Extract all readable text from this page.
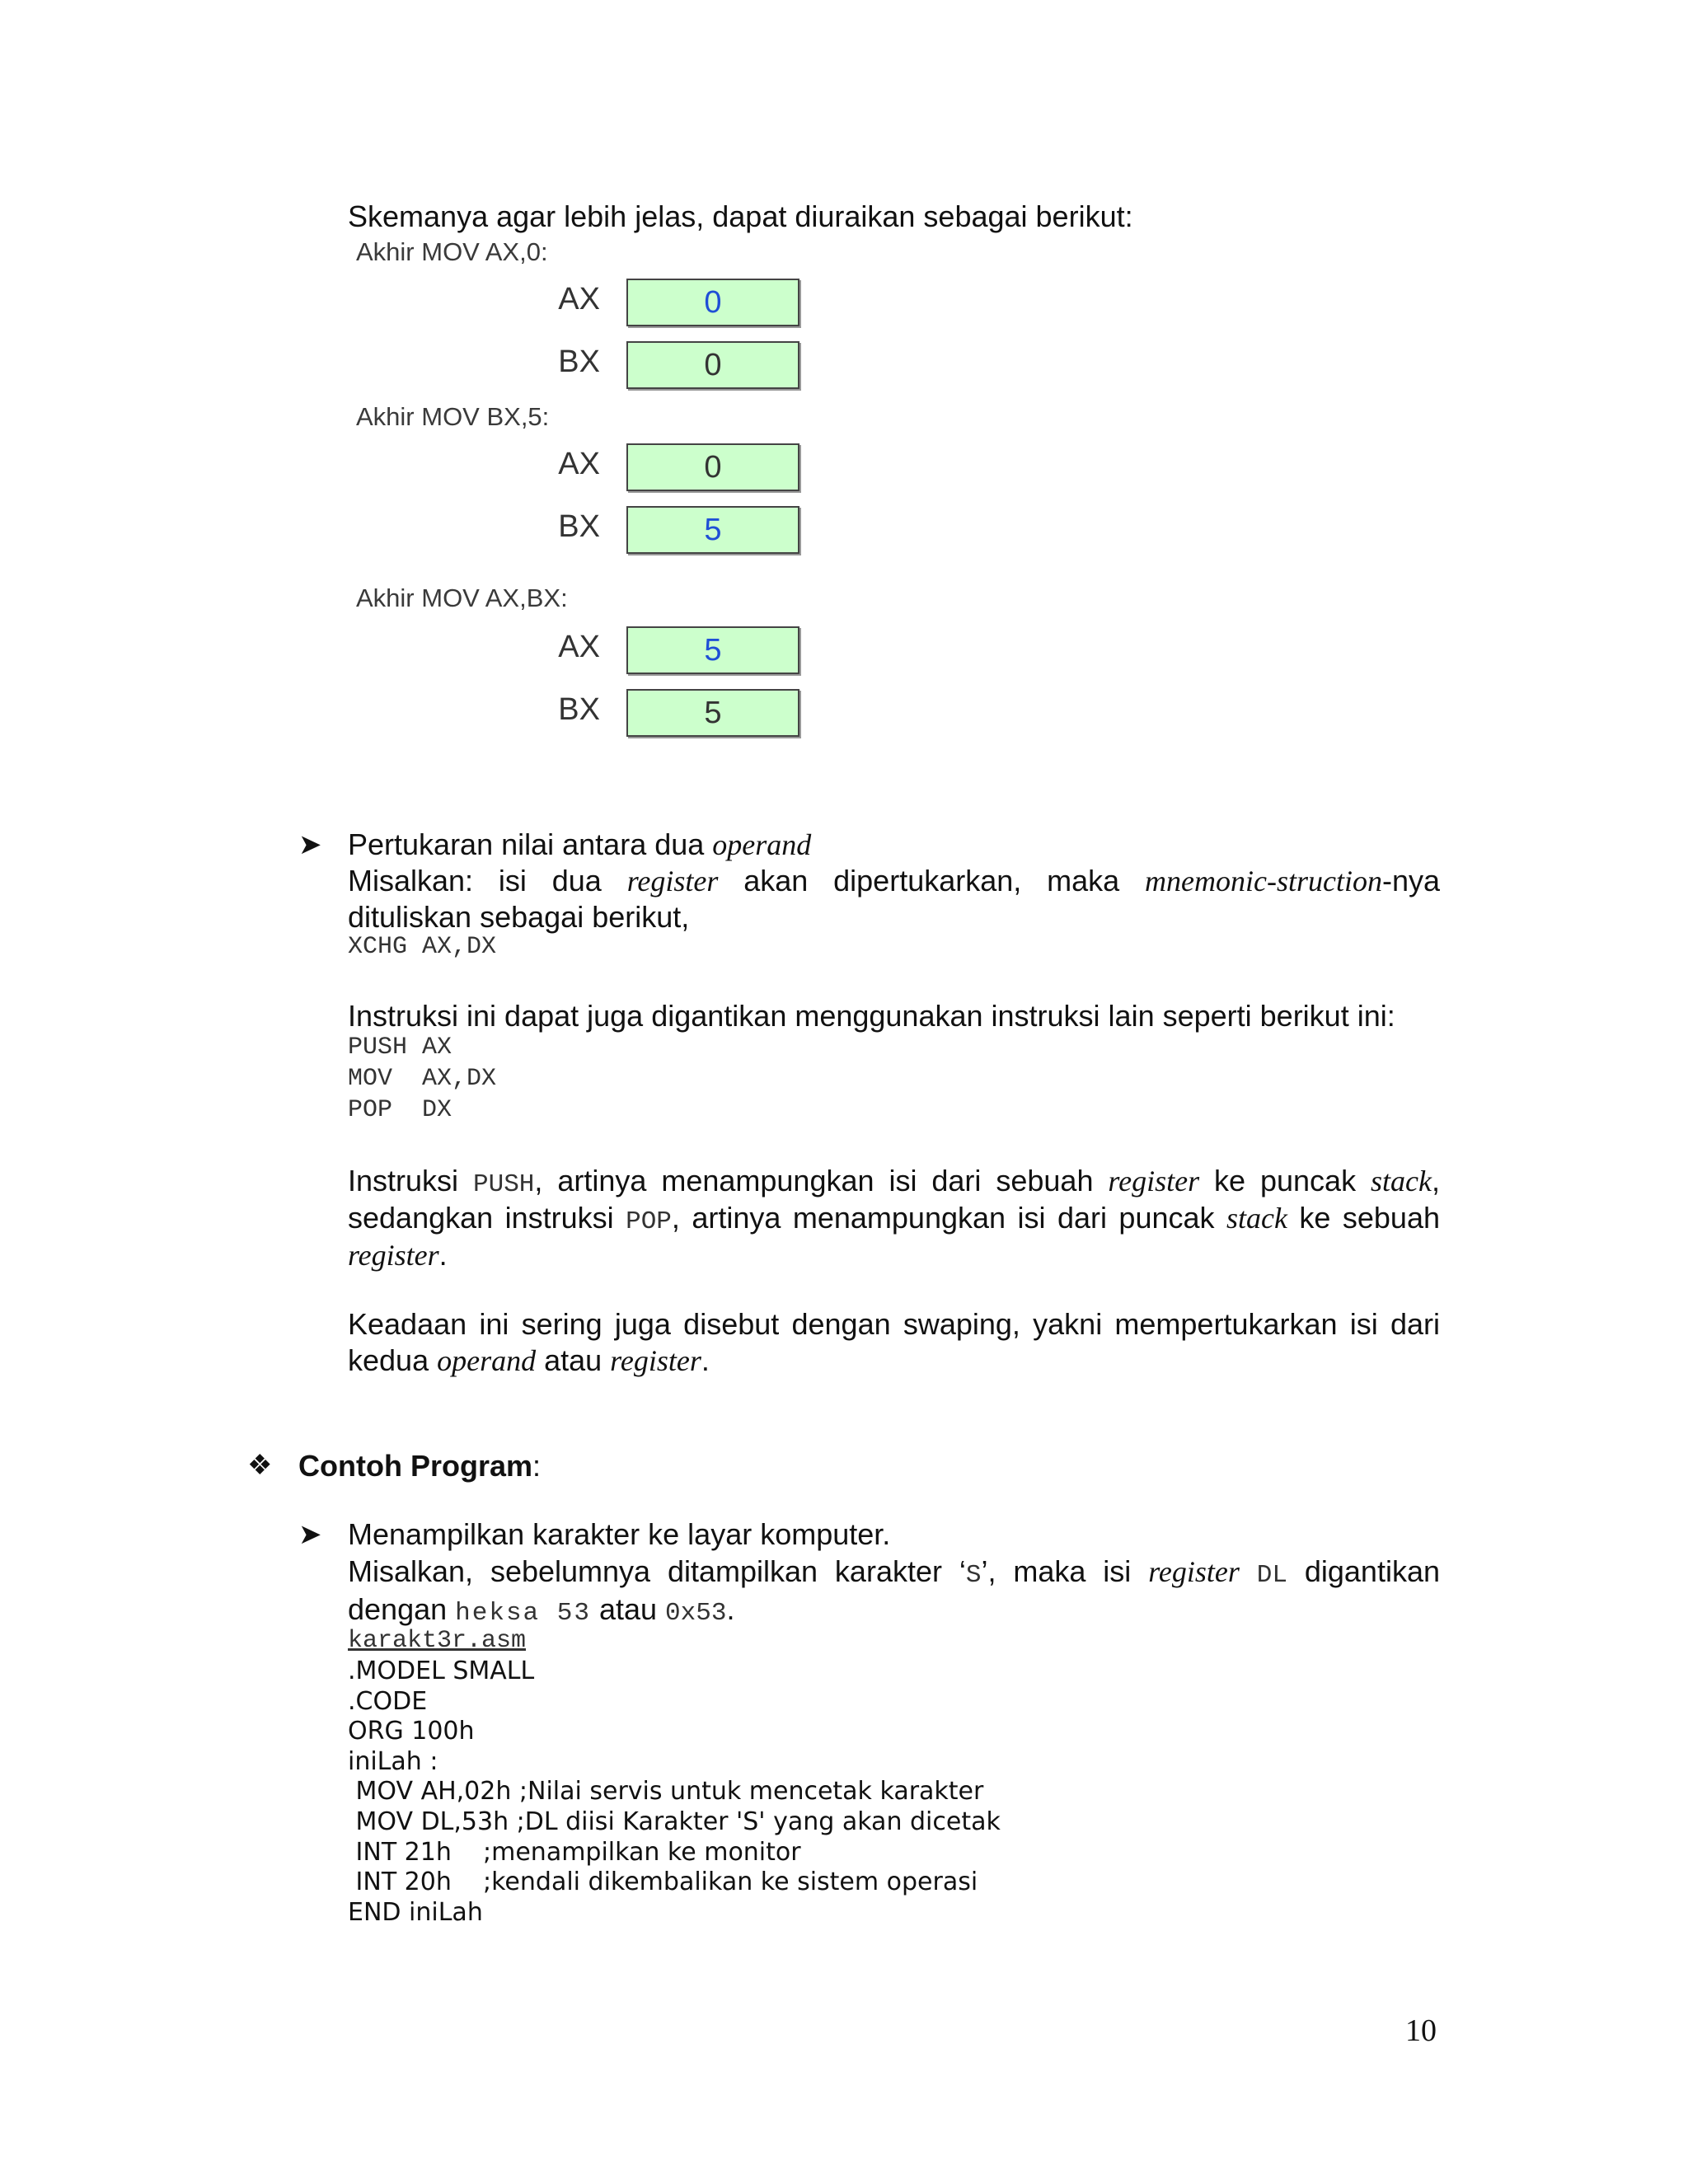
Skemanya agar lebih jelas, dapat diuraikan sebagai berikut:
Akhir MOV AX,0:
AX	0
BX	0
Akhir MOV BX,5:
AX	0
BX	5
Akhir MOV AX,BX:
AX	5
BX	5
➤ Pertukaran nilai antara dua operand
Misalkan: isi dua register akan dipertukarkan, maka mnemonic-struction-nya
dituliskan sebagai berikut,
XCHG AX,DX
Instruksi ini dapat juga digantikan menggunakan instruksi lain seperti berikut ini:
PUSH AX
MOV  AX,DX
POP  DX
Instruksi PUSH, artinya menampungkan isi dari sebuah register ke puncak stack,
sedangkan instruksi POP, artinya menampungkan isi dari puncak stack ke sebuah
register.
Keadaan ini sering juga disebut dengan swaping, yakni mempertukarkan isi dari
kedua operand atau register.
❖ Contoh Program:
➤ Menampilkan karakter ke layar komputer.
Misalkan, sebelumnya ditampilkan karakter ‘S’, maka isi register DL digantikan
dengan heksa 53 atau 0x53.
karakt3r.asm
.MODEL SMALL
.CODE
ORG 100h
iniLah :
MOV AH,02h ;Nilai servis untuk mencetak karakter
MOV DL,53h ;DL diisi Karakter 'S' yang akan dicetak
INT 21h    ;menampilkan ke monitor
INT 20h    ;kendali dikembalikan ke sistem operasi
END iniLah
10
